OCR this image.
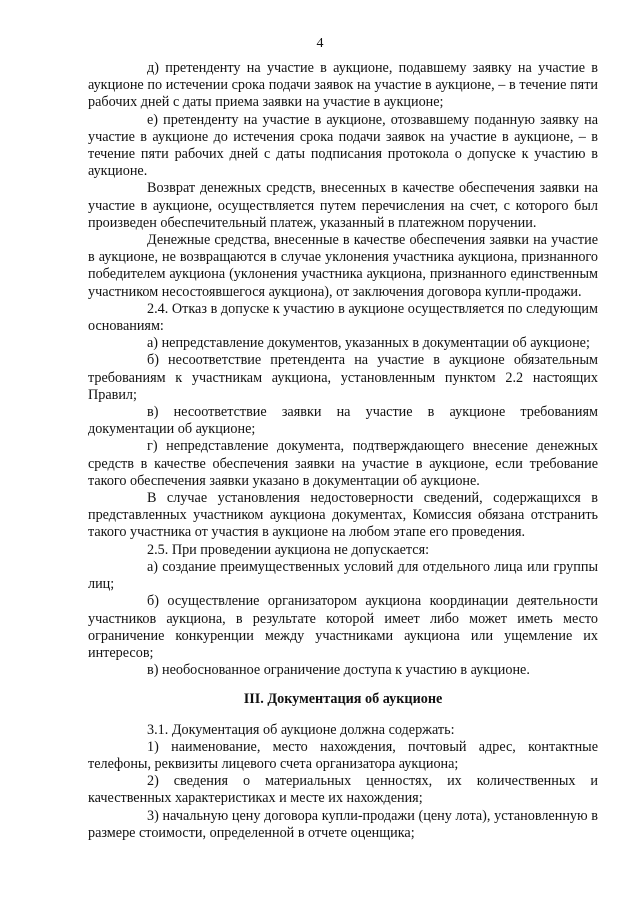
4

д) претенденту на участие в аукционе, подавшему заявку на участие в аукционе по истечении срока подачи заявок на участие в аукционе, – в течение пяти рабочих дней с даты приема заявки на участие в аукционе;

е) претенденту на участие в аукционе, отозвавшему поданную заявку на участие в аукционе до истечения срока подачи заявок на участие в аукционе, – в течение пяти рабочих дней с даты подписания протокола о допуске к участию в аукционе.

Возврат денежных средств, внесенных в качестве обеспечения заявки на участие в аукционе, осуществляется путем перечисления на счет, с которого был произведен обеспечительный платеж, указанный в платежном поручении.

Денежные средства, внесенные в качестве обеспечения заявки на участие в аукционе, не возвращаются в случае уклонения участника аукциона, признанного победителем аукциона (уклонения участника аукциона, признанного единственным участником несостоявшегося аукциона), от заключения договора купли-продажи.

2.4. Отказ в допуске к участию в аукционе осуществляется по следующим основаниям:

а) непредставление документов, указанных в документации об аукционе;

б) несоответствие претендента на участие в аукционе обязательным требованиям к участникам аукциона, установленным пунктом 2.2 настоящих Правил;

в) несоответствие заявки на участие в аукционе требованиям документации об аукционе;

г) непредставление документа, подтверждающего внесение денежных средств в качестве обеспечения заявки на участие в аукционе, если требование такого обеспечения заявки указано в документации об аукционе.

В случае установления недостоверности сведений, содержащихся в представленных участником аукциона документах, Комиссия обязана отстранить такого участника от участия в аукционе на любом этапе его проведения.

2.5. При проведении аукциона не допускается:

а) создание преимущественных условий для отдельного лица или группы лиц;

б) осуществление организатором аукциона координации деятельности участников аукциона, в результате которой имеет либо может иметь место ограничение конкуренции между участниками аукциона или ущемление их интересов;

в) необоснованное ограничение доступа к участию в аукционе.

III. Документация об аукционе

3.1. Документация об аукционе должна содержать:

1) наименование, место нахождения, почтовый адрес, контактные телефоны, реквизиты лицевого счета организатора аукциона;

2) сведения о материальных ценностях, их количественных и качественных характеристиках и месте их нахождения;

3) начальную цену договора купли-продажи (цену лота), установленную в размере стоимости, определенной в отчете оценщика;
